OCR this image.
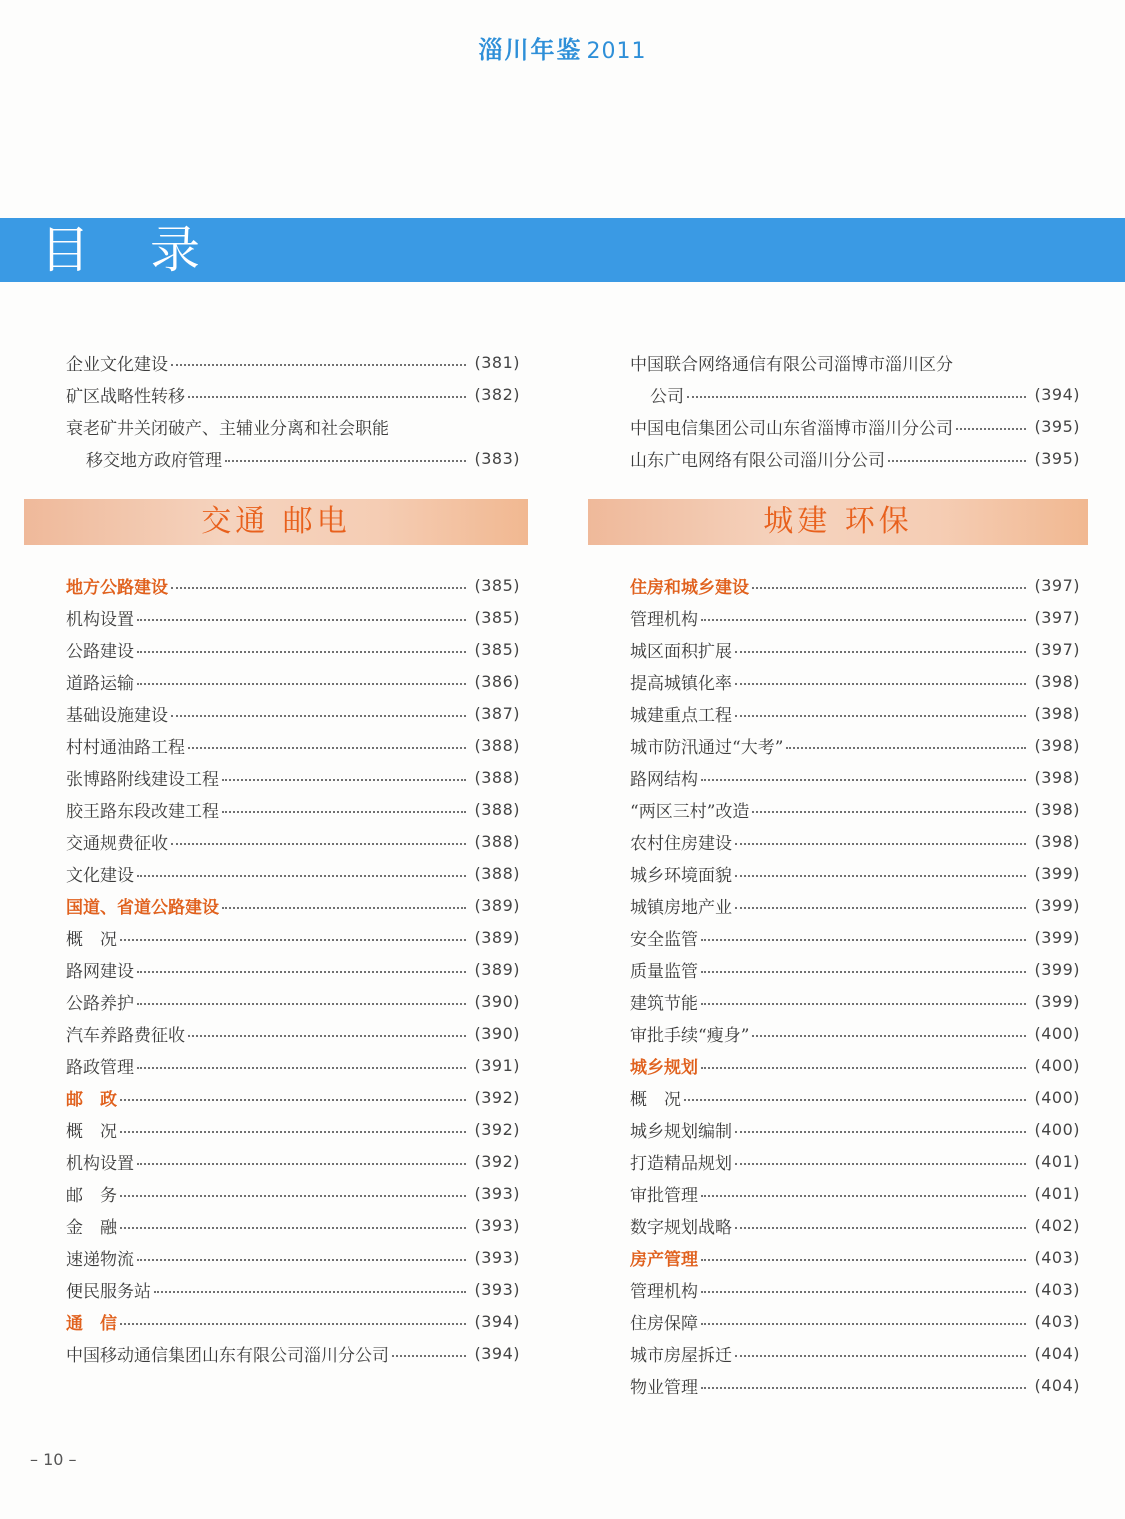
淄川年鉴 2011
目录
企业文化建设	(381)
矿区战略性转移	(382)
衰老矿井关闭破产、主辅业分离和社会职能
移交地方政府管理	(383)
交通 邮电
地方公路建设	(385)
机构设置	(385)
公路建设	(385)
道路运输	(386)
基础设施建设	(387)
村村通油路工程	(388)
张博路附线建设工程	(388)
胶王路东段改建工程	(388)
交通规费征收	(388)
文化建设	(388)
国道、省道公路建设	(389)
概　况	(389)
路网建设	(389)
公路养护	(390)
汽车养路费征收	(390)
路政管理	(391)
邮　政	(392)
概　况	(392)
机构设置	(392)
邮　务	(393)
金　融	(393)
速递物流	(393)
便民服务站	(393)
通　信	(394)
中国移动通信集团山东有限公司淄川分公司	(394)
中国联合网络通信有限公司淄博市淄川区分
公司	(394)
中国电信集团公司山东省淄博市淄川分公司	(395)
山东广电网络有限公司淄川分公司	(395)
城建 环保
住房和城乡建设	(397)
管理机构	(397)
城区面积扩展	(397)
提高城镇化率	(398)
城建重点工程	(398)
城市防汛通过“大考”	(398)
路网结构	(398)
“两区三村”改造	(398)
农村住房建设	(398)
城乡环境面貌	(399)
城镇房地产业	(399)
安全监管	(399)
质量监管	(399)
建筑节能	(399)
审批手续“瘦身”	(400)
城乡规划	(400)
概　况	(400)
城乡规划编制	(400)
打造精品规划	(401)
审批管理	(401)
数字规划战略	(402)
房产管理	(403)
管理机构	(403)
住房保障	(403)
城市房屋拆迁	(404)
物业管理	(404)
– 10 –
